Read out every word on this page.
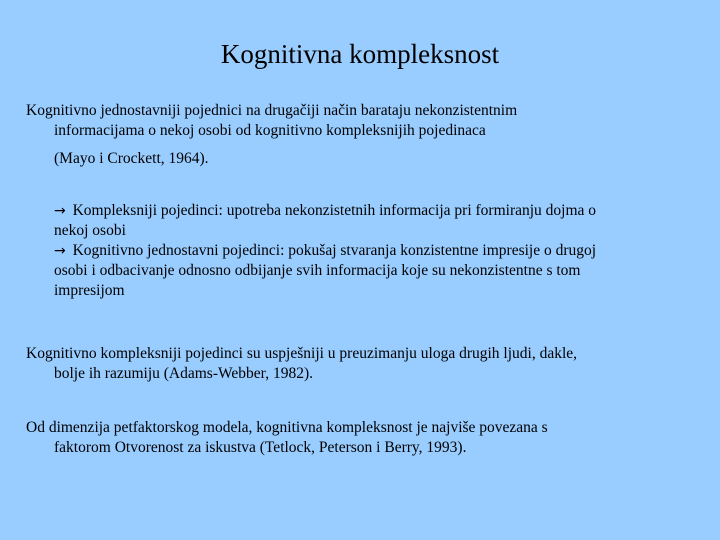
Kognitivna kompleksnost
Kognitivno jednostavniji pojednici na drugačiji način barataju nekonzistentnim
informacijama o nekoj osobi od kognitivno kompleksnijih pojedinaca
(Mayo i Crockett, 1964).
→ Kompleksniji pojedinci: upotreba nekonzistetnih informacija pri formiranju dojma o
nekoj osobi
→ Kognitivno jednostavni pojedinci: pokušaj stvaranja konzistentne impresije o drugoj
osobi i odbacivanje odnosno odbijanje svih informacija koje su nekonzistentne s tom
impresijom
Kognitivno kompleksniji pojedinci su uspješniji u preuzimanju uloga drugih ljudi, dakle,
bolje ih razumiju (Adams-Webber, 1982).
Od dimenzija petfaktorskog modela, kognitivna kompleksnost je najviše povezana s
faktorom Otvorenost za iskustva (Tetlock, Peterson i Berry, 1993).
